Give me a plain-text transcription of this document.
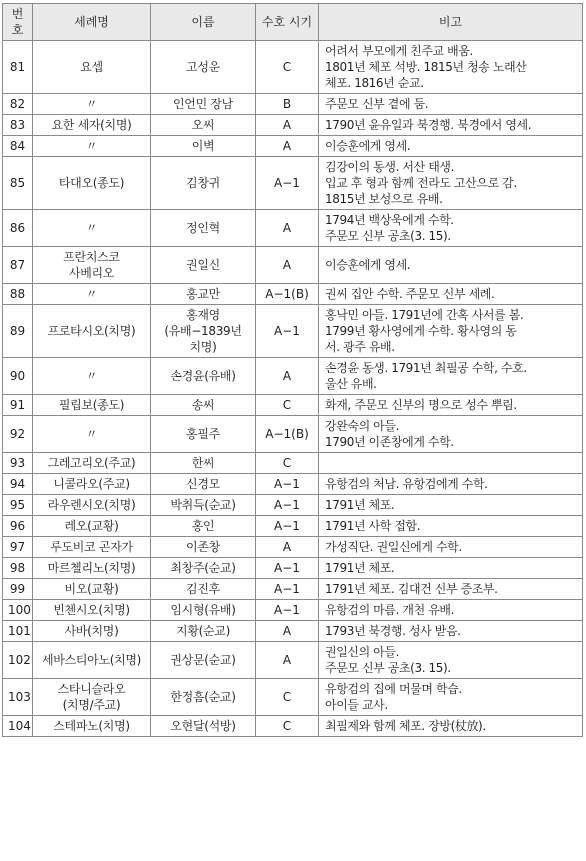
번호	세례명	이름	수호 시기	비고
81	요셉	고성운	C	어려서 부모에게 친주교 배움.
1801년 체포 석방. 1815년 청송 노래산
체포. 1816년 순교.
82	〃	인언민 장남	B	주문모 신부 곁에 둠.
83	요한 세자(치명)	오씨	A	1790년 윤유일과 북경행. 북경에서 영세.
84	〃	이벽	A	이승훈에게 영세.
85	타대오(종도)	김창귀	A−1	김강이의 동생. 서산 태생.
입교 후 형과 함께 전라도 고산으로 감.
1815년 보성으로 유배.
86	〃	정인혁	A	1794년 백상욱에게 수학.
주문모 신부 공초(3. 15).
87	프란치스코
사베리오	권일신	A	이승훈에게 영세.
88	〃	홍교만	A−1(B)	권씨 집안 수학. 주문모 신부 세례.
89	프로타시오(치명)	홍재영
(유배−1839년
치명)	A−1	홍낙민 아들. 1791년에 간혹 사서를 봄.
1799년 황사영에게 수학. 황사영의 동
서. 광주 유배.
90	〃	손경윤(유배)	A	손경윤 동생. 1791년 최필공 수학, 수호.
울산 유배.
91	필립보(종도)	송씨	C	화재, 주문모 신부의 명으로 성수 뿌림.
92	〃	홍필주	A−1(B)	강완숙의 아들.
1790년 이존창에게 수학.
93	그레고리오(주교)	한씨	C	
94	니콜라오(주교)	신경모	A−1	유항검의 처남. 유항검에게 수학.
95	라우렌시오(치명)	박취득(순교)	A−1	1791년 체포.
96	레오(교황)	홍인	A−1	1791년 사학 접함.
97	루도비코 곤자가	이존창	A	가성직단. 권일신에게 수학.
98	마르첼리노(치명)	최창주(순교)	A−1	1791년 체포.
99	비오(교황)	김진후	A−1	1791년 체포. 김대건 신부 증조부.
100	빈첸시오(치명)	임시형(유배)	A−1	유항검의 마름. 개천 유배.
101	사바(치명)	지황(순교)	A	1793년 북경행. 성사 받음.
102	세바스티아노(치명)	권상문(순교)	A	권일신의 아들.
주문모 신부 공초(3. 15).
103	스타니슬라오
(치명/주교)	한정흠(순교)	C	유항검의 집에 머물며 학습.
아이들 교사.
104	스테파노(치명)	오현달(석방)	C	최필제와 함께 체포. 장방(杖放).
